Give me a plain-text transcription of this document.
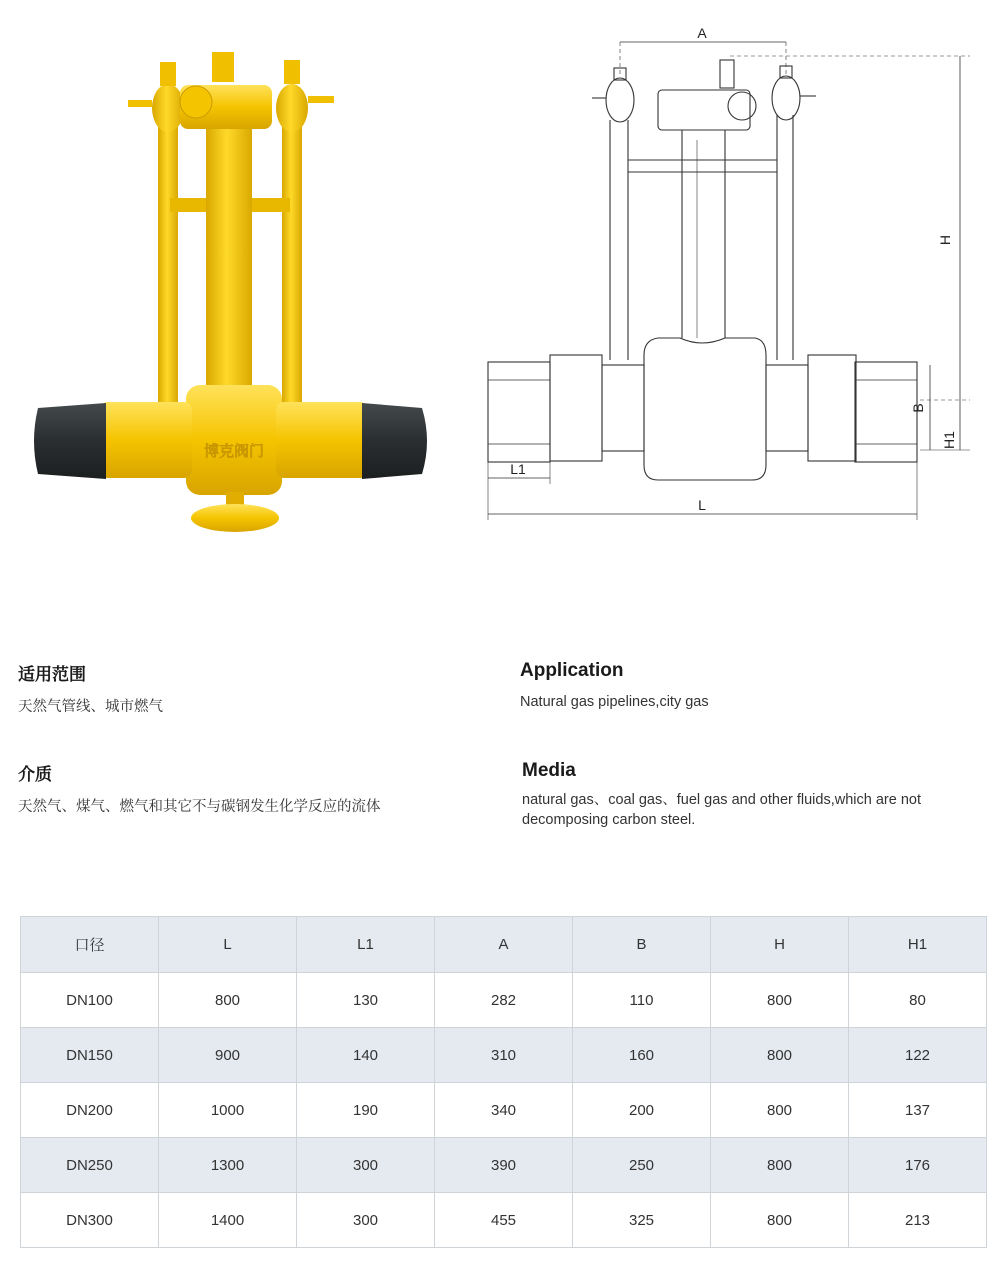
博克阀门
A
H
B
H1
L1
L
适用范围
天然气管线、城市燃气
Application
Natural gas pipelines,city gas
介质
天然气、煤气、燃气和其它不与碳钢发生化学反应的流体
Media
natural gas、coal gas、fuel gas and other fluids,which are not decomposing carbon steel.
口径	L	L1	A	B	H	H1
DN100	800	130	282	110	800	80
DN150	900	140	310	160	800	122
DN200	1000	190	340	200	800	137
DN250	1300	300	390	250	800	176
DN300	1400	300	455	325	800	213
